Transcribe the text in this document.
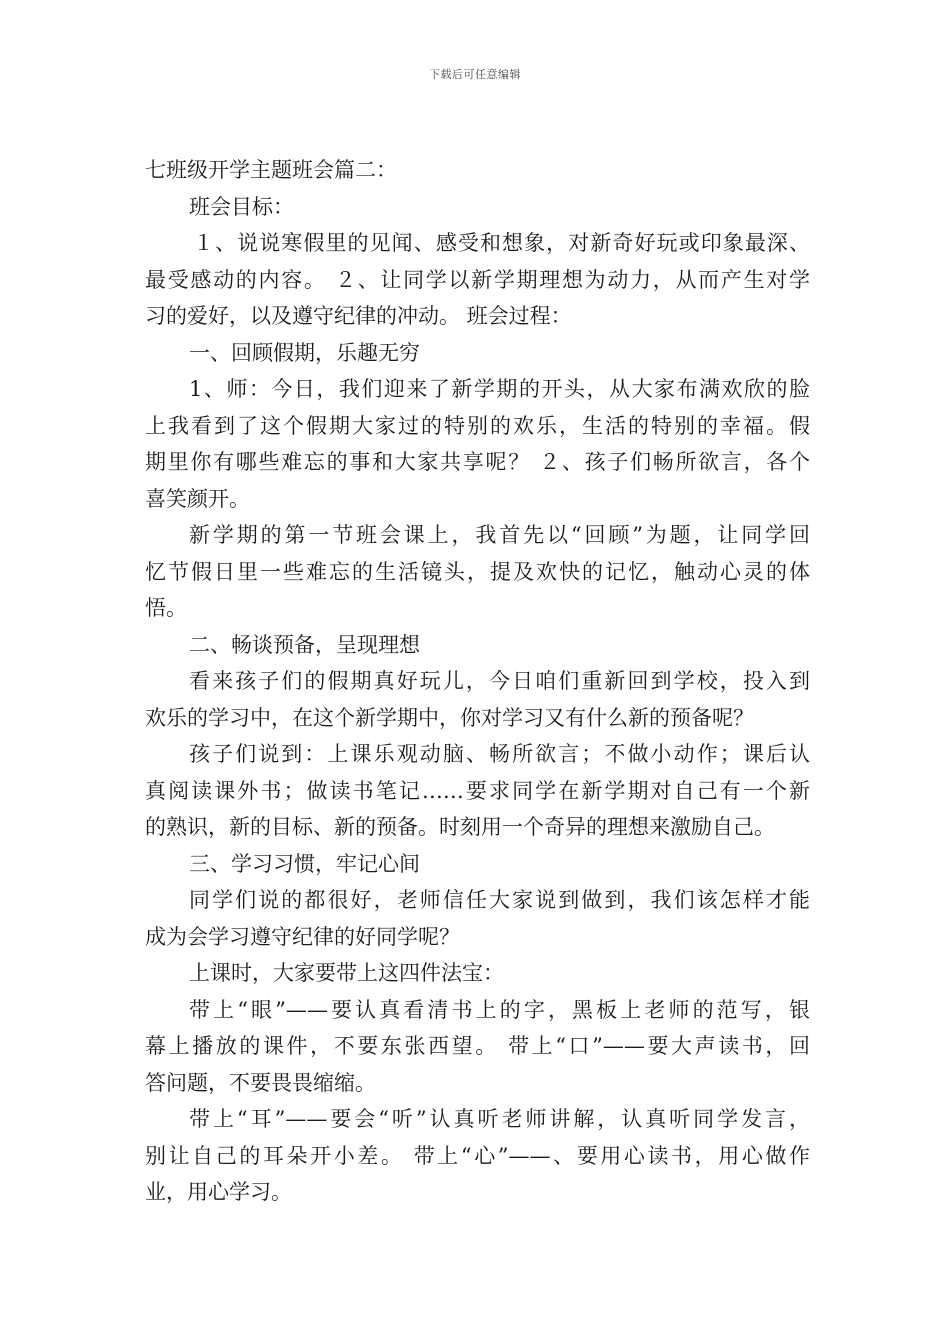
下载后可任意编辑
七班级开学主题班会篇二：
班会目标：
１、说说寒假里的见闻、感受和想象，对新奇好玩或印象最深、
最受感动的内容。 ２、让同学以新学期理想为动力，从而产生对学
习的爱好，以及遵守纪律的冲动。 班会过程：
一、回顾假期，乐趣无穷
1、师：今日，我们迎来了新学期的开头，从大家布满欢欣的脸
上我看到了这个假期大家过的特别的欢乐，生活的特别的幸福。假
期里你有哪些难忘的事和大家共享呢？ ２、孩子们畅所欲言，各个
喜笑颜开。
新学期的第一节班会课上，我首先以“回顾”为题，让同学回
忆节假日里一些难忘的生活镜头，提及欢快的记忆，触动心灵的体
悟。
二、畅谈预备，呈现理想
看来孩子们的假期真好玩儿，今日咱们重新回到学校，投入到
欢乐的学习中，在这个新学期中，你对学习又有什么新的预备呢？
孩子们说到：上课乐观动脑、畅所欲言；不做小动作；课后认
真阅读课外书；做读书笔记……要求同学在新学期对自己有一个新
的熟识，新的目标、新的预备。时刻用一个奇异的理想来激励自己。
三、学习习惯，牢记心间
同学们说的都很好，老师信任大家说到做到，我们该怎样才能
成为会学习遵守纪律的好同学呢？
上课时，大家要带上这四件法宝：
带上“眼”——要认真看清书上的字，黑板上老师的范写，银
幕上播放的课件，不要东张西望。 带上“口”——要大声读书，回
答问题，不要畏畏缩缩。
带上“耳”——要会“听”认真听老师讲解，认真听同学发言，
别让自己的耳朵开小差。 带上“心”——、要用心读书，用心做作
业，用心学习。
